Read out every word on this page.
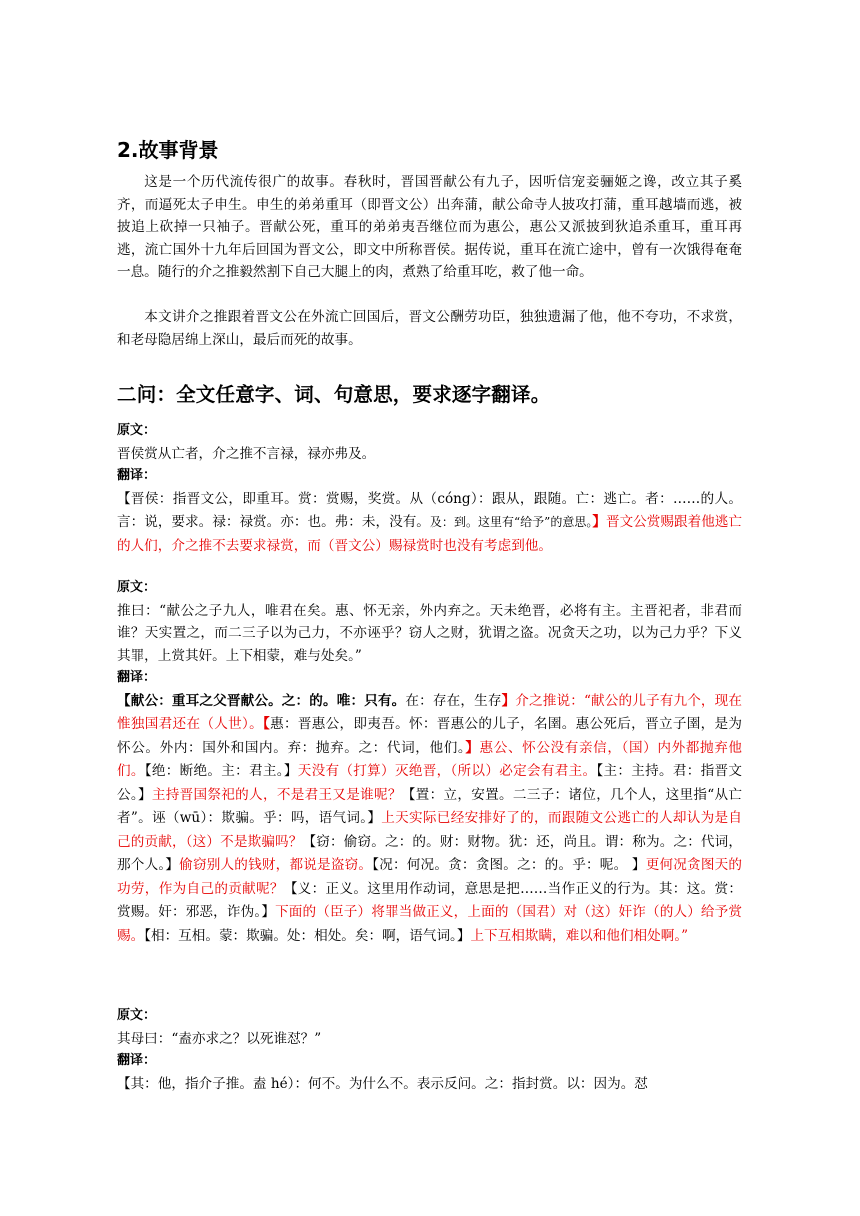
2.故事背景

这是一个历代流传很广的故事。春秋时，晋国晋献公有九子，因听信宠妾骊姬之谗，改立其子奚齐，而逼死太子申生。申生的弟弟重耳（即晋文公）出奔蒲，献公命寺人披攻打蒲，重耳越墙而逃，被披追上砍掉一只袖子。晋献公死，重耳的弟弟夷吾继位而为惠公，惠公又派披到狄追杀重耳，重耳再逃，流亡国外十九年后回国为晋文公，即文中所称晋侯。据传说，重耳在流亡途中，曾有一次饿得奄奄一息。随行的介之推毅然割下自己大腿上的肉，煮熟了给重耳吃，救了他一命。

本文讲介之推跟着晋文公在外流亡回国后，晋文公酬劳功臣，独独遗漏了他，他不夸功，不求赏，和老母隐居绵上深山，最后而死的故事。

二问：全文任意字、词、句意思，要求逐字翻译。

原文：

晋侯赏从亡者，介之推不言禄，禄亦弗及。

翻译：

【晋侯：指晋文公，即重耳。赏：赏赐，奖赏。从（cóng）：跟从，跟随。亡：逃亡。者：……的人。言：说，要求。禄：禄赏。亦：也。弗：未，没有。及：到。这里有“给予”的意思。】晋文公赏赐跟着他逃亡的人们，介之推不去要求禄赏，而（晋文公）赐禄赏时也没有考虑到他。

原文：

推曰：“献公之子九人，唯君在矣。惠、怀无亲，外内弃之。天未绝晋，必将有主。主晋祀者，非君而谁？天实置之，而二三子以为己力，不亦诬乎？窃人之财，犹谓之盗。况贪天之功，以为己力乎？下义其罪，上赏其奸。上下相蒙，难与处矣。”

翻译：

【献公：重耳之父晋献公。之：的。唯：只有。在：存在，生存】介之推说：“献公的儿子有九个，现在惟独国君还在（人世）。【惠：晋惠公，即夷吾。怀：晋惠公的儿子，名圉。惠公死后，晋立子圉，是为怀公。外内：国外和国内。弃：抛弃。之：代词，他们。】惠公、怀公没有亲信，（国）内外都抛弃他们。【绝：断绝。主：君主。】天没有（打算）灭绝晋，（所以）必定会有君主。【主：主持。君：指晋文公。】主持晋国祭祀的人，不是君王又是谁呢？【置：立，安置。二三子：诸位，几个人，这里指“从亡者”。诬（wū）：欺骗。乎：吗，语气词。】上天实际已经安排好了的，而跟随文公逃亡的人却认为是自己的贡献，（这）不是欺骗吗？【窃：偷窃。之：的。财：财物。犹：还，尚且。谓：称为。之：代词，那个人。】偷窃别人的钱财，都说是盗窃。【况：何况。贪：贪图。之：的。乎：呢。 】更何况贪图天的功劳，作为自己的贡献呢？【义：正义。这里用作动词，意思是把……当作正义的行为。其：这。赏：赏赐。奸：邪恶，诈伪。】下面的（臣子）将罪当做正义，上面的（国君）对（这）奸诈（的人）给予赏赐。【相：互相。蒙：欺骗。处：相处。矣：啊，语气词。】上下互相欺瞒，难以和他们相处啊。”

原文：

其母曰：“盍亦求之？以死谁怼？”

翻译：

【其：他，指介子推。盍 hé）：何不。为什么不。表示反问。之：指封赏。以：因为。怼
